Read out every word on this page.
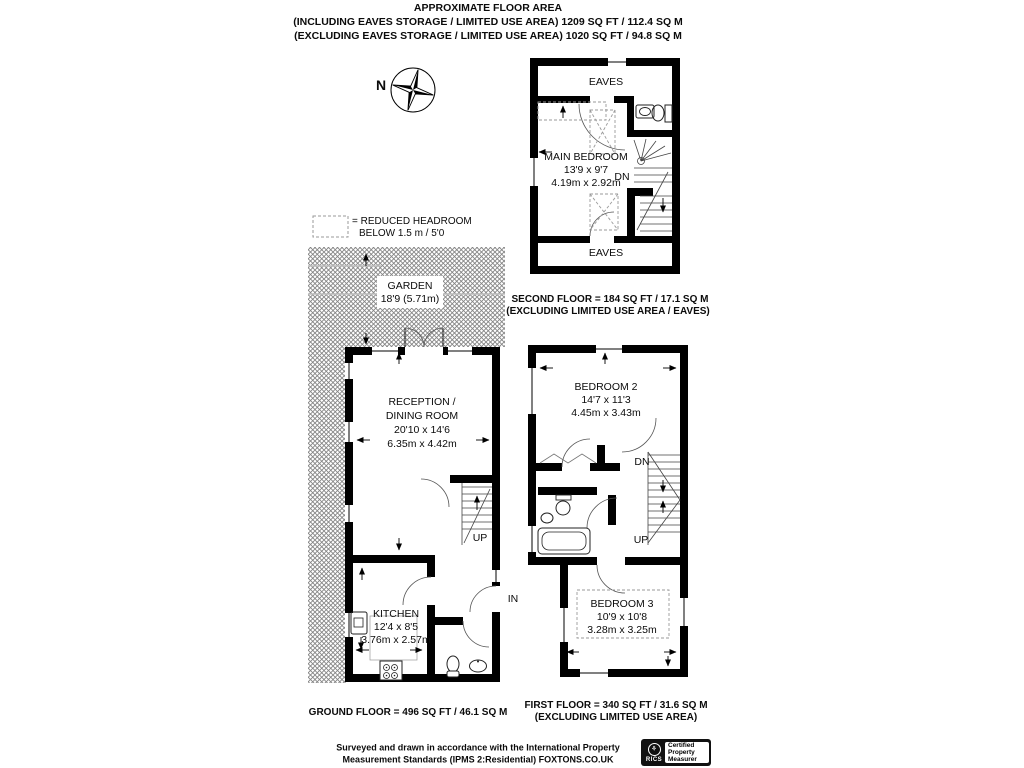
APPROXIMATE FLOOR AREA
(INCLUDING EAVES STORAGE / LIMITED USE AREA) 1209 SQ FT / 112.4 SQ M
(EXCLUDING EAVES STORAGE / LIMITED USE AREA) 1020 SQ FT / 94.8 SQ M
N
= REDUCED HEADROOM
BELOW 1.5 m / 5'0
GARDEN
18'9 (5.71m)
EAVES
MAIN BEDROOM
13'9 x 9'7
4.19m x 2.92m
DN
EAVES
SECOND FLOOR = 184 SQ FT / 17.1 SQ M
(EXCLUDING LIMITED USE AREA / EAVES)
RECEPTION /
DINING ROOM
20'10 x 14'6
6.35m x 4.42m
UP
IN
KITCHEN
12'4 x 8'5
3.76m x 2.57m
GROUND FLOOR = 496 SQ FT / 46.1 SQ M
BEDROOM 2
14'7 x 11'3
4.45m x 3.43m
DN
UP
BEDROOM 3
10'9 x 10'8
3.28m x 3.25m
FIRST FLOOR = 340 SQ FT / 31.6 SQ M
(EXCLUDING LIMITED USE AREA)
Surveyed and drawn in accordance with the International Property
Measurement Standards (IPMS 2:Residential) FOXTONS.CO.UK
⚘
RICS
Certified
Property
Measurer
